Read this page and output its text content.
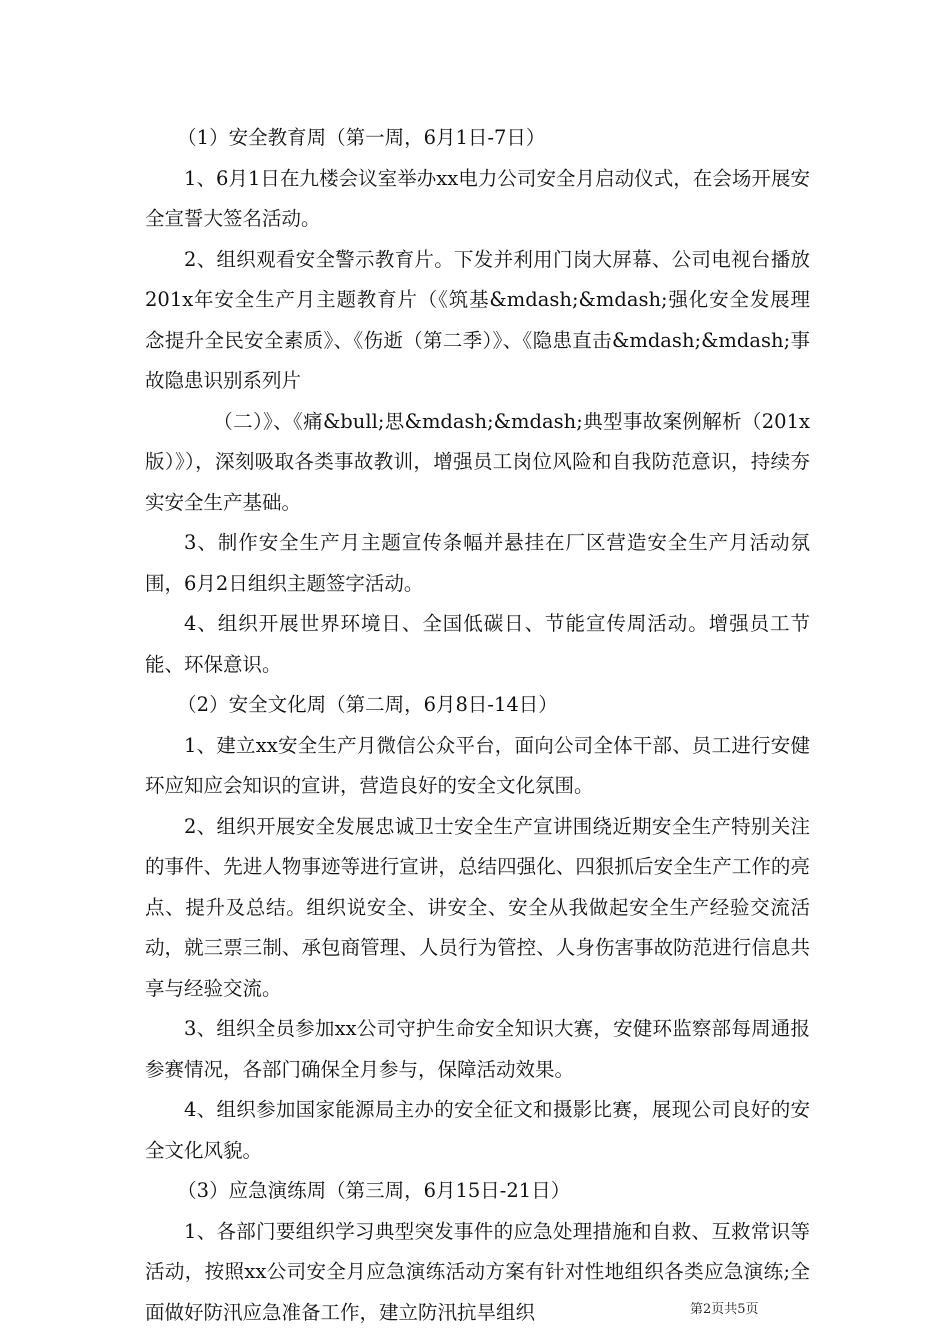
（1）安全教育周（第一周，6月1日-7日）

1、6月1日在九楼会议室举办xx电力公司安全月启动仪式，在会场开展安全宣誓大签名活动。

2、组织观看安全警示教育片。下发并利用门岗大屏幕、公司电视台播放201x年安全生产月主题教育片（《筑基&mdash;&mdash;强化安全发展理念提升全民安全素质》、《伤逝（第二季）》、《隐患直击&mdash;&mdash;事故隐患识别系列片

（二）》、《痛&bull;思&mdash;&mdash;典型事故案例解析（201x版）》），深刻吸取各类事故教训，增强员工岗位风险和自我防范意识，持续夯实安全生产基础。

3、制作安全生产月主题宣传条幅并悬挂在厂区营造安全生产月活动氛围，6月2日组织主题签字活动。

4、组织开展世界环境日、全国低碳日、节能宣传周活动。增强员工节能、环保意识。

（2）安全文化周（第二周，6月8日-14日）

1、建立xx安全生产月微信公众平台，面向公司全体干部、员工进行安健环应知应会知识的宣讲，营造良好的安全文化氛围。

2、组织开展安全发展忠诚卫士安全生产宣讲围绕近期安全生产特别关注的事件、先进人物事迹等进行宣讲，总结四强化、四狠抓后安全生产工作的亮点、提升及总结。组织说安全、讲安全、安全从我做起安全生产经验交流活动，就三票三制、承包商管理、人员行为管控、人身伤害事故防范进行信息共享与经验交流。

3、组织全员参加xx公司守护生命安全知识大赛，安健环监察部每周通报参赛情况，各部门确保全月参与，保障活动效果。

4、组织参加国家能源局主办的安全征文和摄影比赛，展现公司良好的安全文化风貌。

（3）应急演练周（第三周，6月15日-21日）

1、各部门要组织学习典型突发事件的应急处理措施和自救、互救常识等活动，按照xx公司安全月应急演练活动方案有针对性地组织各类应急演练;全面做好防汛应急准备工作，建立防汛抗旱组织	第2页共5页
